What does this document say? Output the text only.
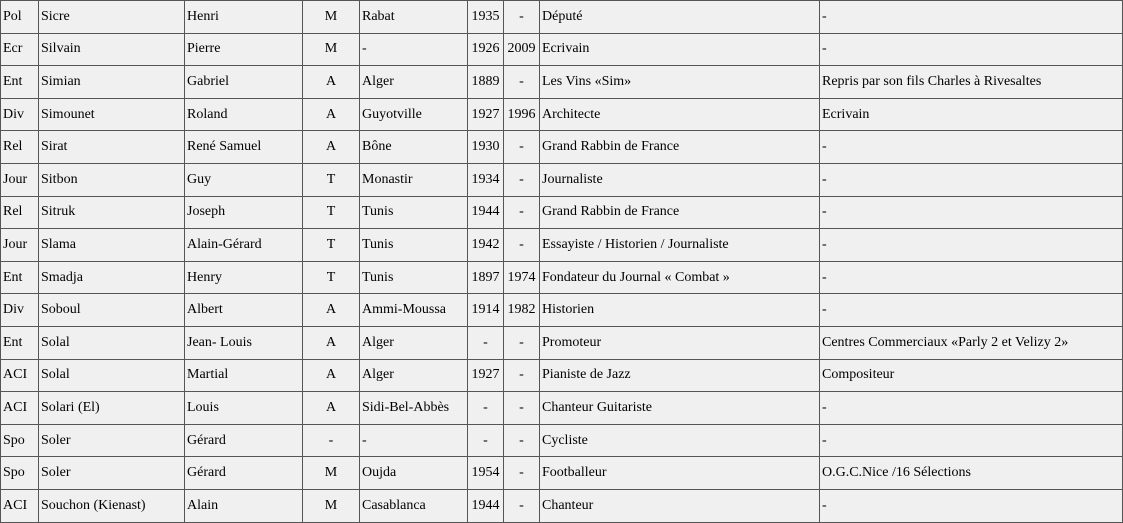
Pol	Sicre	Henri	M	Rabat	1935	-	Député	-
Ecr	Silvain	Pierre	M	-	1926	2009	Ecrivain	-
Ent	Simian	Gabriel	A	Alger	1889	-	Les Vins «Sim»	Repris par son fils Charles à Rivesaltes
Div	Simounet	Roland	A	Guyotville	1927	1996	Architecte	Ecrivain
Rel	Sirat	René Samuel	A	Bône	1930	-	Grand Rabbin de France	-
Jour	Sitbon	Guy	T	Monastir	1934	-	Journaliste	-
Rel	Sitruk	Joseph	T	Tunis	1944	-	Grand Rabbin de France	-
Jour	Slama	Alain-Gérard	T	Tunis	1942	-	Essayiste / Historien / Journaliste	-
Ent	Smadja	Henry	T	Tunis	1897	1974	Fondateur du Journal « Combat »	-
Div	Soboul	Albert	A	Ammi-Moussa	1914	1982	Historien	-
Ent	Solal	Jean- Louis	A	Alger	-	-	Promoteur	Centres Commerciaux «Parly 2 et Velizy 2»
ACI	Solal	Martial	A	Alger	1927	-	Pianiste de Jazz	Compositeur
ACI	Solari (El)	Louis	A	Sidi-Bel-Abbès	-	-	Chanteur Guitariste	-
Spo	Soler	Gérard	-	-	-	-	Cycliste	-
Spo	Soler	Gérard	M	Oujda	1954	-	Footballeur	O.G.C.Nice /16 Sélections
ACI	Souchon (Kienast)	Alain	M	Casablanca	1944	-	Chanteur	-
